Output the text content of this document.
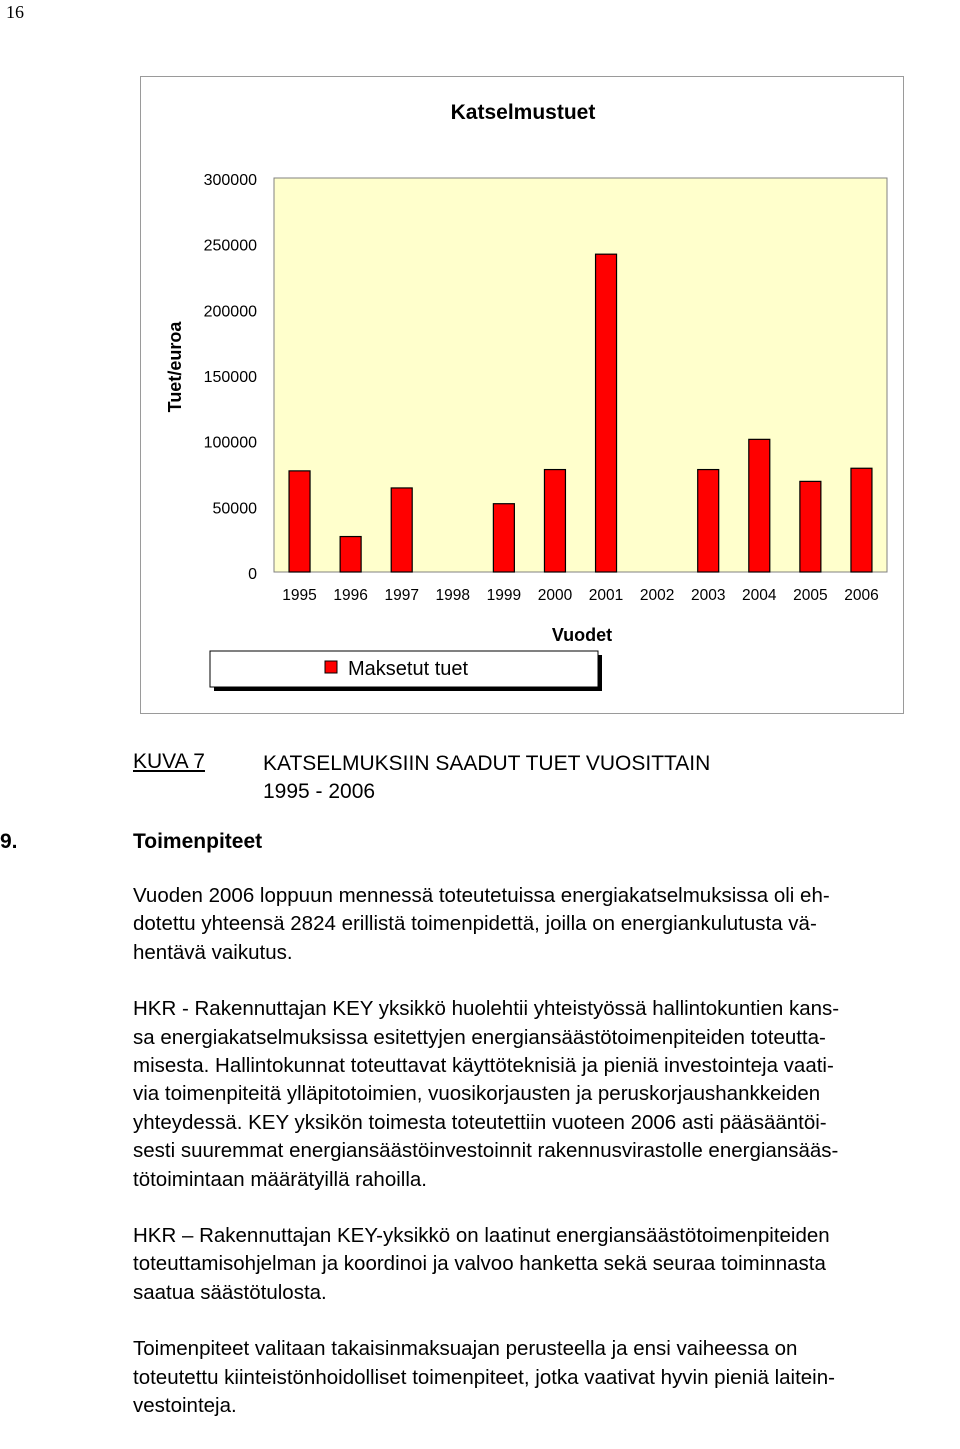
16
Katselmustuet
300000
250000
200000
150000
100000
50000
0
Tuet/euroa
1995 1996 1997 1998 1999 2000 2001 2002 2003 2004 2005 2006
Vuodet
Maksetut tuet
KUVA 7	KATSELMUKSIIN SAADUT TUET VUOSITTAIN
1995 - 2006
9.	Toimenpiteet

Vuoden 2006 loppuun mennessä toteutetuissa energiakatselmuksissa oli eh-
dotettu yhteensä 2824 erillistä toimenpidettä, joilla on energiankulutusta vä-
hentävä vaikutus.

HKR - Rakennuttajan KEY yksikkö huolehtii yhteistyössä hallintokuntien kans-
sa energiakatselmuksissa esitettyjen energiansäästötoimenpiteiden toteutta-
misesta. Hallintokunnat toteuttavat käyttöteknisiä ja pieniä investointeja vaati-
via toimenpiteitä ylläpitotoimien, vuosikorjausten ja peruskorjaushankkeiden
yhteydessä. KEY yksikön toimesta toteutettiin vuoteen 2006 asti pääsääntöi-
sesti suuremmat energiansäästöinvestoinnit rakennusvirastolle energiansääs-
tötoimintaan määrätyillä rahoilla.

HKR – Rakennuttajan KEY-yksikkö on laatinut energiansäästötoimenpiteiden
toteuttamisohjelman ja koordinoi ja valvoo hanketta sekä seuraa toiminnasta
saatua säästötulosta.

Toimenpiteet valitaan takaisinmaksuajan perusteella ja ensi vaiheessa on
toteutettu kiinteistönhoidolliset toimenpiteet, jotka vaativat hyvin pieniä laitein-
vestointeja.
